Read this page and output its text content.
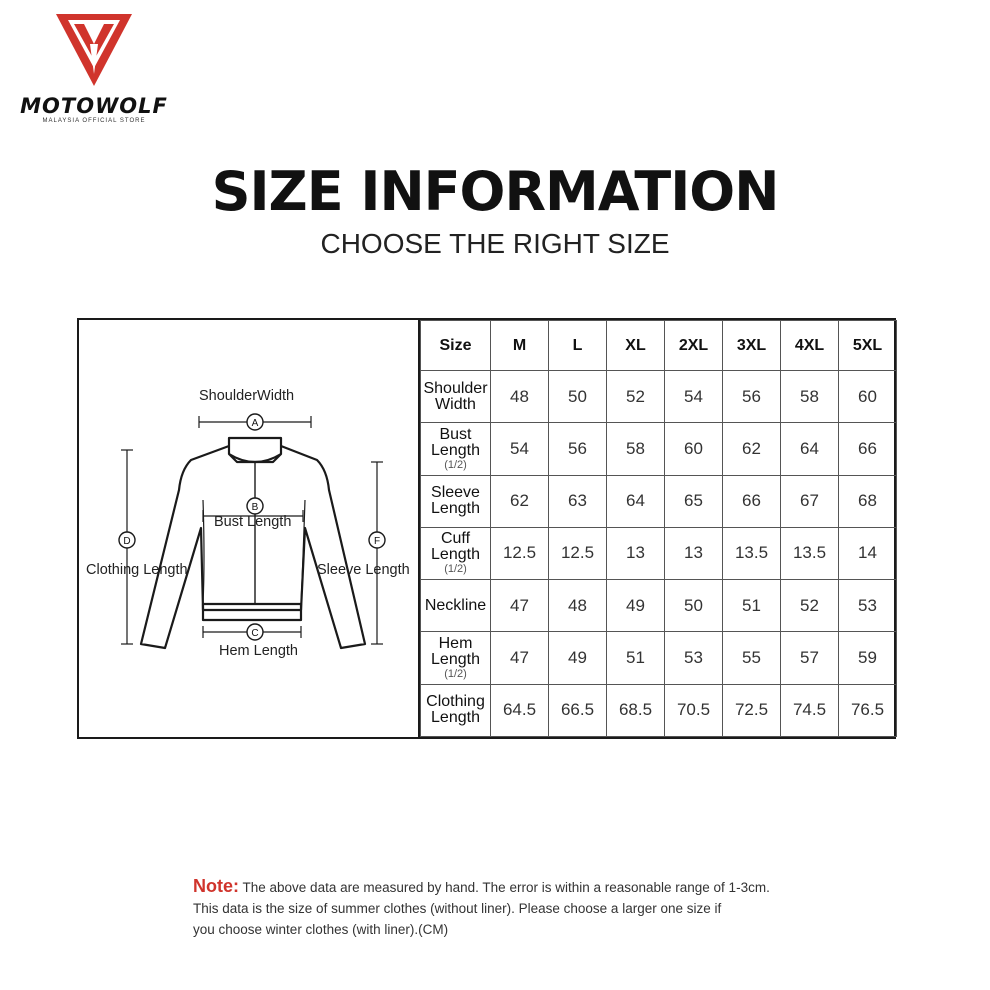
MOTOWOLF
MALAYSIA OFFICIAL STORE
SIZE INFORMATION
CHOOSE THE RIGHT SIZE
A
B
C
D	F
ShoulderWidth
Bust Length
Clothing Length	Sleeve Length
Hem Length
Size	M	L	XL	2XL	3XL	4XL	5XL

Shoulder
Width	48	50	52	54	56	58	60

Bust
Length
(1/2)	54	56	58	60	62	64	66

Sleeve
Length	62	63	64	65	66	67	68

Cuff
Length
(1/2)	12.5	12.5	13	13	13.5	13.5	14

Neckline	47	48	49	50	51	52	53

Hem
Length
(1/2)	47	49	51	53	55	57	59

Clothing
Length	64.5	66.5	68.5	70.5	72.5	74.5	76.5
Note: The above data are measured by hand. The error is within a reasonable range of 1-3cm.
This data is the size of summer clothes (without liner). Please choose a larger one size if
you choose winter clothes (with liner).(CM)
